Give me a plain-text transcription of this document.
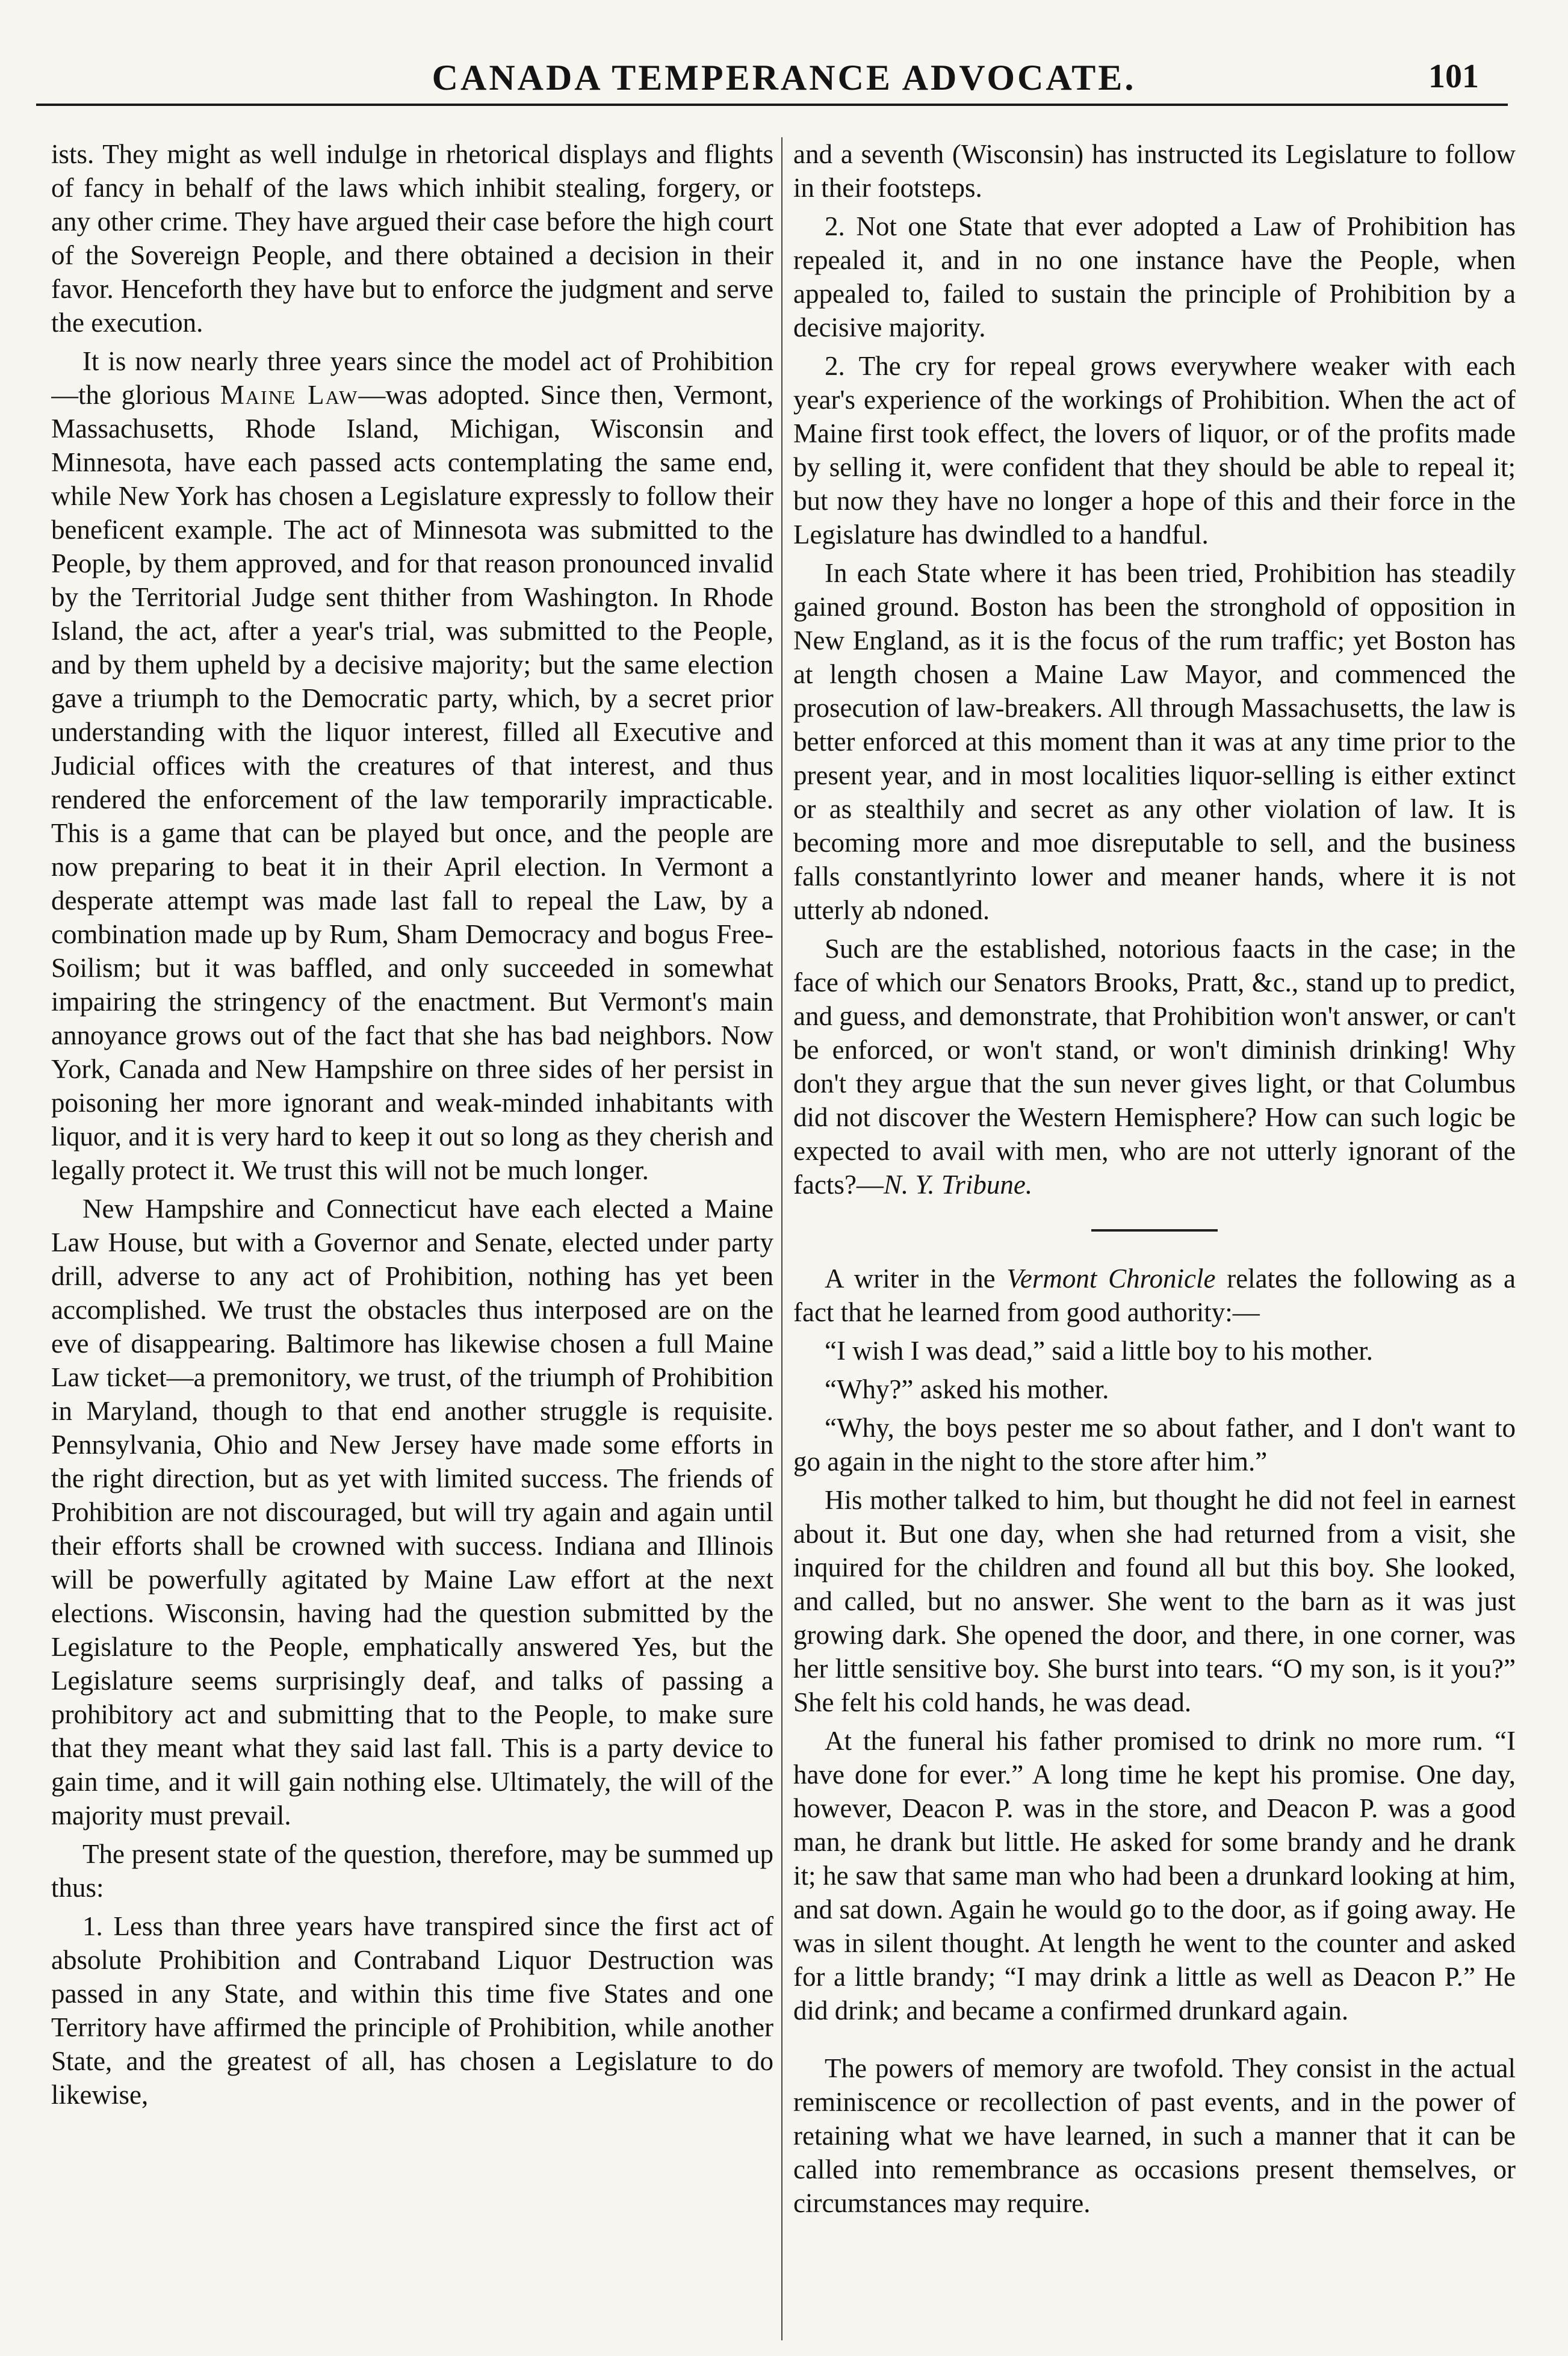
CANADA TEMPERANCE ADVOCATE.	101

ists. They might as well indulge in rhetorical displays and flights of fancy in behalf of the laws which inhibit stealing, forgery, or any other crime. They have argued their case before the high court of the Sovereign People, and there obtained a decision in their favor. Henceforth they have but to enforce the judgment and serve the execution.

It is now nearly three years since the model act of Prohibition—the glorious Maine Law—was adopted. Since then, Vermont, Massachusetts, Rhode Island, Michigan, Wisconsin and Minnesota, have each passed acts contemplating the same end, while New York has chosen a Legislature expressly to follow their beneficent example. The act of Minnesota was submitted to the People, by them approved, and for that reason pronounced invalid by the Territorial Judge sent thither from Washington. In Rhode Island, the act, after a year's trial, was submitted to the People, and by them upheld by a decisive majority; but the same election gave a triumph to the Democratic party, which, by a secret prior understanding with the liquor interest, filled all Executive and Judicial offices with the creatures of that interest, and thus rendered the enforcement of the law temporarily impracticable. This is a game that can be played but once, and the people are now preparing to beat it in their April election. In Vermont a desperate attempt was made last fall to repeal the Law, by a combination made up by Rum, Sham Democracy and bogus Free-Soilism; but it was baffled, and only succeeded in somewhat impairing the stringency of the enactment. But Vermont's main annoyance grows out of the fact that she has bad neighbors. Now York, Canada and New Hampshire on three sides of her persist in poisoning her more ignorant and weak-minded inhabitants with liquor, and it is very hard to keep it out so long as they cherish and legally protect it. We trust this will not be much longer.

New Hampshire and Connecticut have each elected a Maine Law House, but with a Governor and Senate, elected under party drill, adverse to any act of Prohibition, nothing has yet been accomplished. We trust the obstacles thus interposed are on the eve of disappearing. Baltimore has likewise chosen a full Maine Law ticket—a premonitory, we trust, of the triumph of Prohibition in Maryland, though to that end another struggle is requisite. Pennsylvania, Ohio and New Jersey have made some efforts in the right direction, but as yet with limited success. The friends of Prohibition are not discouraged, but will try again and again until their efforts shall be crowned with success. Indiana and Illinois will be powerfully agitated by Maine Law effort at the next elections. Wisconsin, having had the question submitted by the Legislature to the People, emphatically answered Yes, but the Legislature seems surprisingly deaf, and talks of passing a prohibitory act and submitting that to the People, to make sure that they meant what they said last fall. This is a party device to gain time, and it will gain nothing else. Ultimately, the will of the majority must prevail.

The present state of the question, therefore, may be summed up thus:

1. Less than three years have transpired since the first act of absolute Prohibition and Contraband Liquor Destruction was passed in any State, and within this time five States and one Territory have affirmed the principle of Prohibition, while another State, and the greatest of all, has chosen a Legislature to do likewise,

and a seventh (Wisconsin) has instructed its Legislature to follow in their footsteps.

2. Not one State that ever adopted a Law of Prohibition has repealed it, and in no one instance have the People, when appealed to, failed to sustain the principle of Prohibition by a decisive majority.

2. The cry for repeal grows everywhere weaker with each year's experience of the workings of Prohibition. When the act of Maine first took effect, the lovers of liquor, or of the profits made by selling it, were confident that they should be able to repeal it; but now they have no longer a hope of this and their force in the Legislature has dwindled to a handful.

In each State where it has been tried, Prohibition has steadily gained ground. Boston has been the stronghold of opposition in New England, as it is the focus of the rum traffic; yet Boston has at length chosen a Maine Law Mayor, and commenced the prosecution of law-breakers. All through Massachusetts, the law is better enforced at this moment than it was at any time prior to the present year, and in most localities liquor-selling is either extinct or as stealthily and secret as any other violation of law. It is becoming more and moe disreputable to sell, and the business falls constantlyrinto lower and meaner hands, where it is not utterly ab ndoned.

Such are the established, notorious faacts in the case; in the face of which our Senators Brooks, Pratt, &c., stand up to predict, and guess, and demonstrate, that Prohibition won't answer, or can't be enforced, or won't stand, or won't diminish drinking! Why don't they argue that the sun never gives light, or that Columbus did not discover the Western Hemisphere? How can such logic be expected to avail with men, who are not utterly ignorant of the facts?—N. Y. Tribune.

A writer in the Vermont Chronicle relates the following as a fact that he learned from good authority:—

“I wish I was dead,” said a little boy to his mother.

“Why?” asked his mother.

“Why, the boys pester me so about father, and I don't want to go again in the night to the store after him.”

His mother talked to him, but thought he did not feel in earnest about it. But one day, when she had returned from a visit, she inquired for the children and found all but this boy. She looked, and called, but no answer. She went to the barn as it was just growing dark. She opened the door, and there, in one corner, was her little sensitive boy. She burst into tears. “O my son, is it you?” She felt his cold hands, he was dead.

At the funeral his father promised to drink no more rum. “I have done for ever.” A long time he kept his promise. One day, however, Deacon P. was in the store, and Deacon P. was a good man, he drank but little. He asked for some brandy and he drank it; he saw that same man who had been a drunkard looking at him, and sat down. Again he would go to the door, as if going away. He was in silent thought. At length he went to the counter and asked for a little brandy; “I may drink a little as well as Deacon P.” He did drink; and became a confirmed drunkard again.

The powers of memory are twofold. They consist in the actual reminiscence or recollection of past events, and in the power of retaining what we have learned, in such a manner that it can be called into remembrance as occasions present themselves, or circumstances may require.
